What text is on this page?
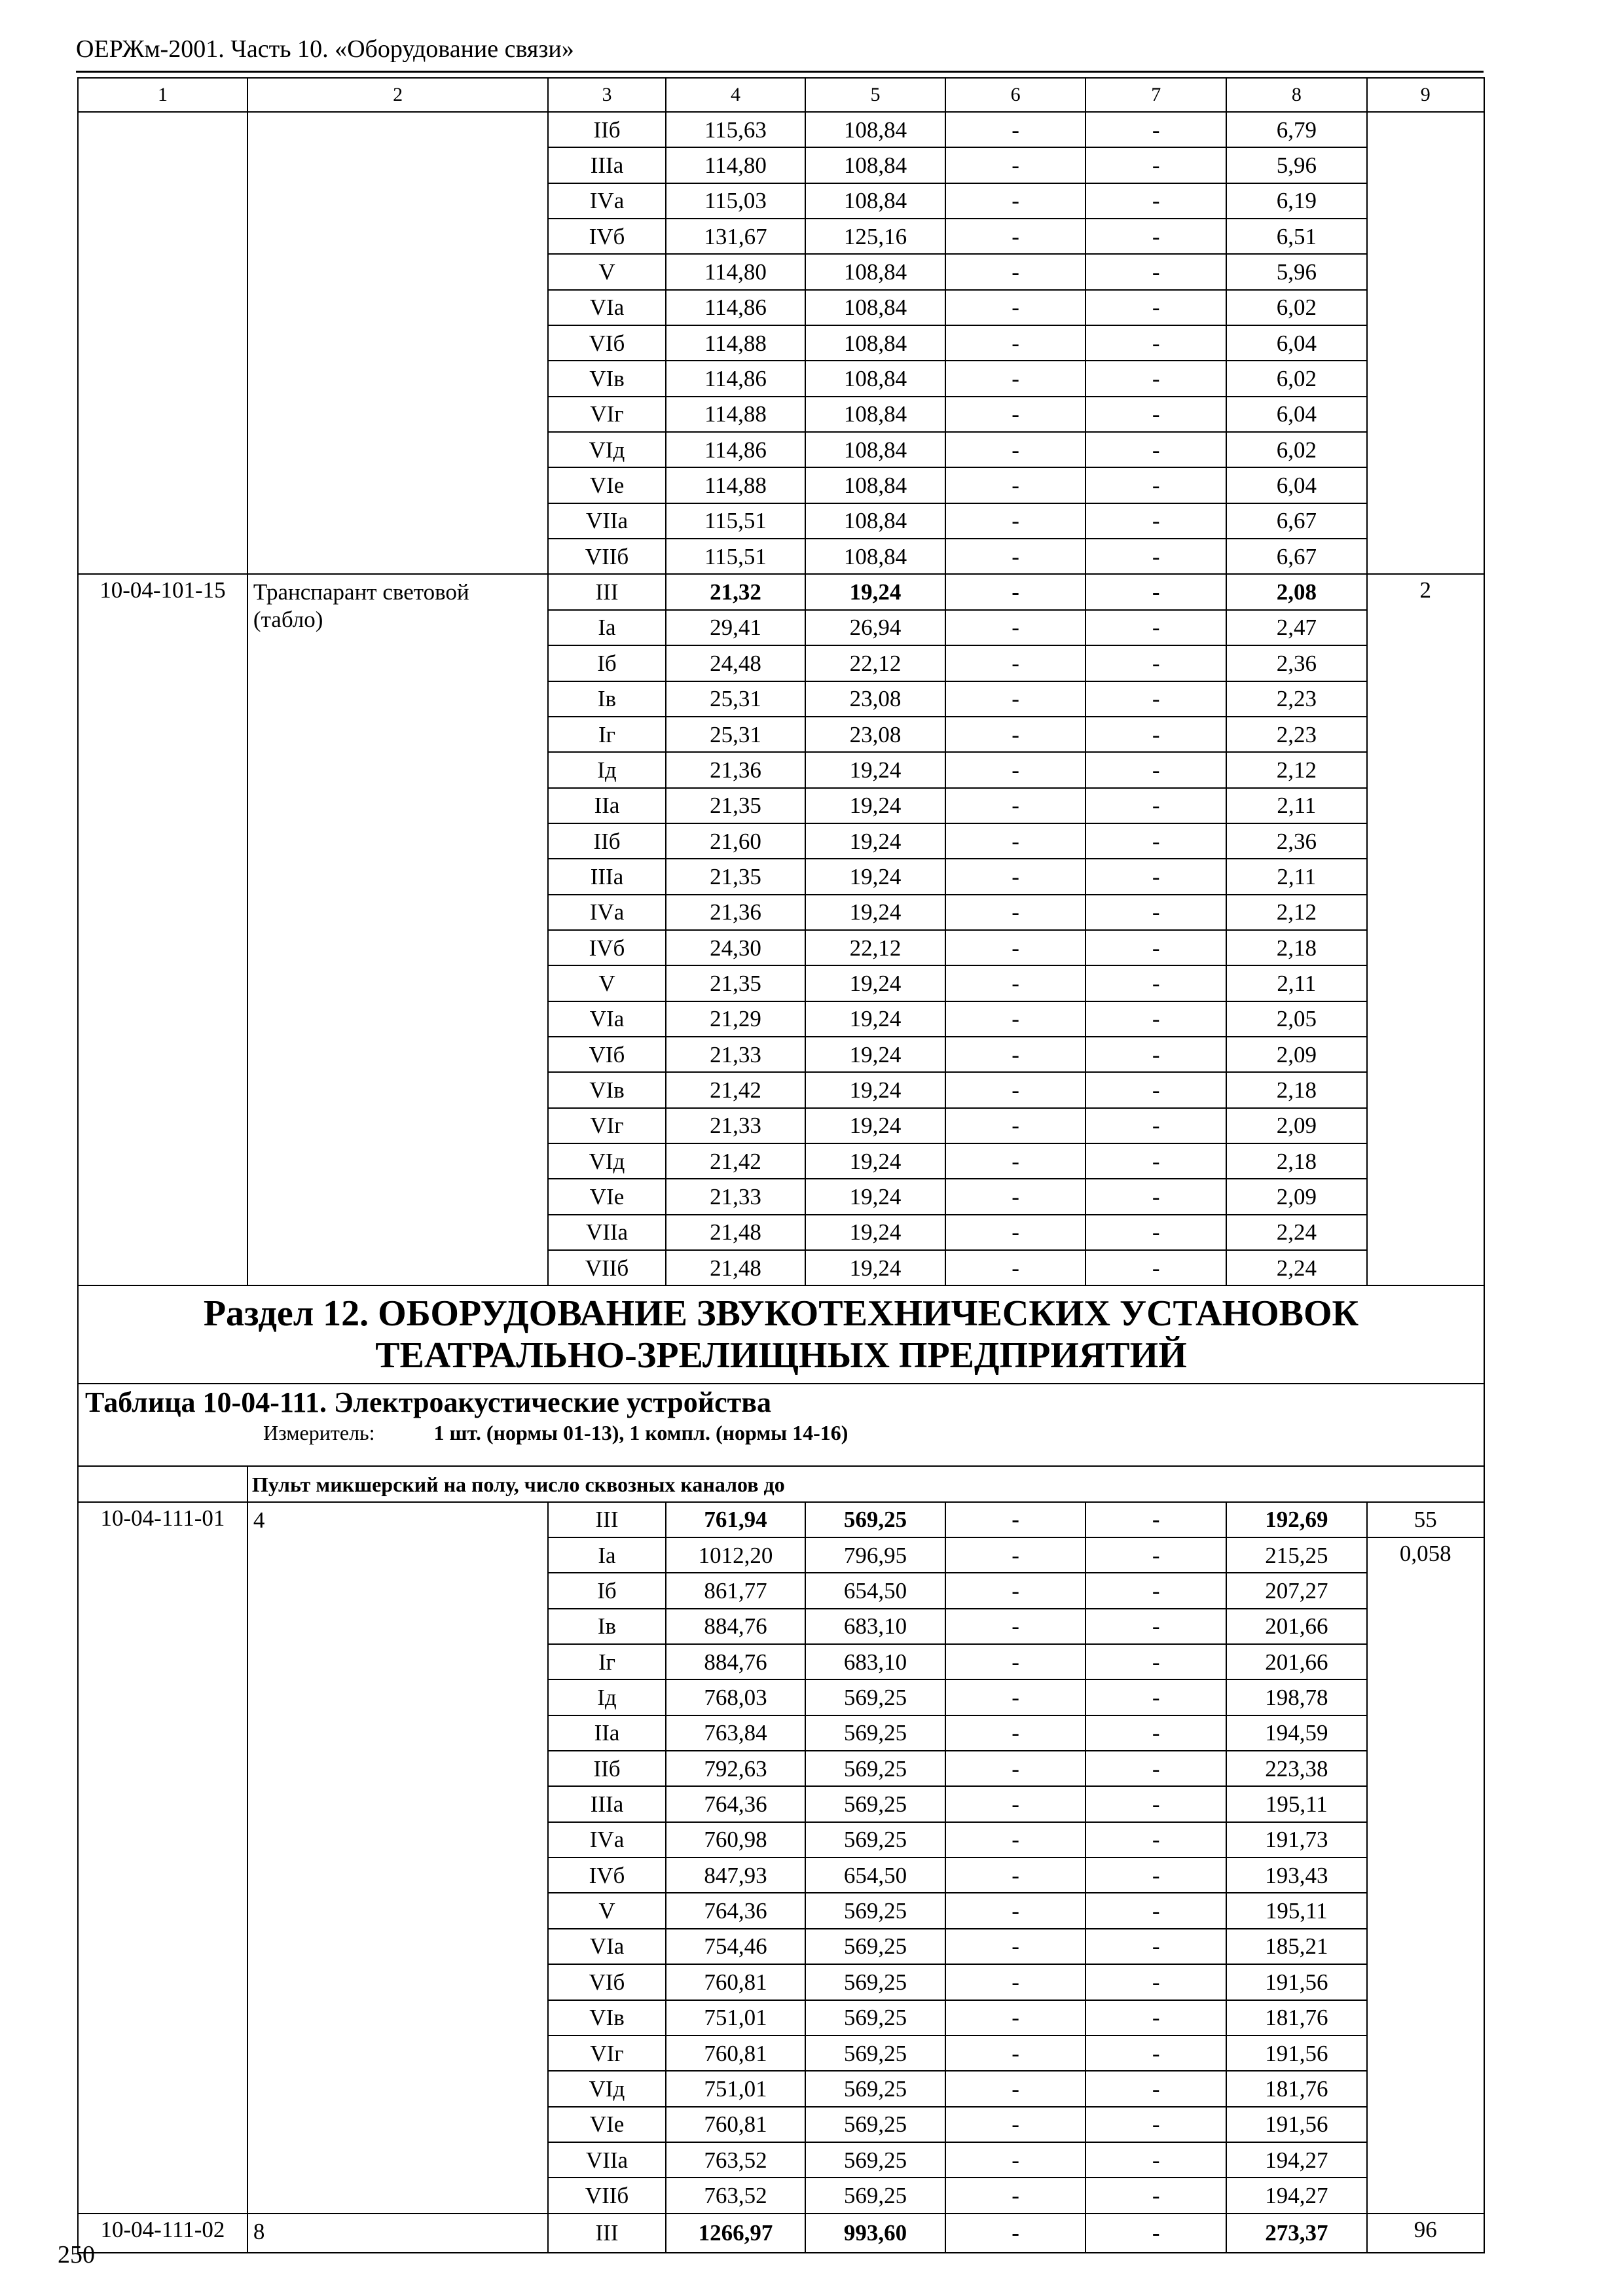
ОЕРЖм-2001. Часть 10. «Оборудование связи»
1	2	3	4	5	6	7	8	9
		IIб	115,63	108,84	-	-	6,79	
		IIIа	114,80	108,84	-	-	5,96	
		IVа	115,03	108,84	-	-	6,19	
		IVб	131,67	125,16	-	-	6,51	
		V	114,80	108,84	-	-	5,96	
		VIа	114,86	108,84	-	-	6,02	
		VIб	114,88	108,84	-	-	6,04	
		VIв	114,86	108,84	-	-	6,02	
		VIг	114,88	108,84	-	-	6,04	
		VIд	114,86	108,84	-	-	6,02	
		VIе	114,88	108,84	-	-	6,04	
		VIIа	115,51	108,84	-	-	6,67	
		VIIб	115,51	108,84	-	-	6,67	
10-04-101-15	Транспарант световой (табло)	III	21,32	19,24	-	-	2,08	2
		Iа	29,41	26,94	-	-	2,47	
		Iб	24,48	22,12	-	-	2,36	
		Iв	25,31	23,08	-	-	2,23	
		Iг	25,31	23,08	-	-	2,23	
		Iд	21,36	19,24	-	-	2,12	
		IIа	21,35	19,24	-	-	2,11	
		IIб	21,60	19,24	-	-	2,36	
		IIIа	21,35	19,24	-	-	2,11	
		IVа	21,36	19,24	-	-	2,12	
		IVб	24,30	22,12	-	-	2,18	
		V	21,35	19,24	-	-	2,11	
		VIа	21,29	19,24	-	-	2,05	
		VIб	21,33	19,24	-	-	2,09	
		VIв	21,42	19,24	-	-	2,18	
		VIг	21,33	19,24	-	-	2,09	
		VIд	21,42	19,24	-	-	2,18	
		VIе	21,33	19,24	-	-	2,09	
		VIIа	21,48	19,24	-	-	2,24	
		VIIб	21,48	19,24	-	-	2,24	
Раздел 12. ОБОРУДОВАНИЕ ЗВУКОТЕХНИЧЕСКИХ УСТАНОВОК ТЕАТРАЛЬНО-ЗРЕЛИЩНЫХ ПРЕДПРИЯТИЙ								

Таблица 10-04-111. Электроакустические устройства
Измеритель: 1 шт. (нормы 01-13), 1 компл. (нормы 14-16)								

	Пульт микшерский на полу, число сквозных каналов до							
10-04-111-01	4	III	761,94	569,25	-	-	192,69	55
		Iа	1012,20	796,95	-	-	215,25	0,058
		Iб	861,77	654,50	-	-	207,27	
		Iв	884,76	683,10	-	-	201,66	
		Iг	884,76	683,10	-	-	201,66	
		Iд	768,03	569,25	-	-	198,78	
		IIа	763,84	569,25	-	-	194,59	
		IIб	792,63	569,25	-	-	223,38	
		IIIа	764,36	569,25	-	-	195,11	
		IVа	760,98	569,25	-	-	191,73	
		IVб	847,93	654,50	-	-	193,43	
		V	764,36	569,25	-	-	195,11	
		VIа	754,46	569,25	-	-	185,21	
		VIб	760,81	569,25	-	-	191,56	
		VIв	751,01	569,25	-	-	181,76	
		VIг	760,81	569,25	-	-	191,56	
		VIд	751,01	569,25	-	-	181,76	
		VIе	760,81	569,25	-	-	191,56	
		VIIа	763,52	569,25	-	-	194,27	
		VIIб	763,52	569,25	-	-	194,27	
10-04-111-02	8	III	1266,97	993,60	-	-	273,37	96
250
